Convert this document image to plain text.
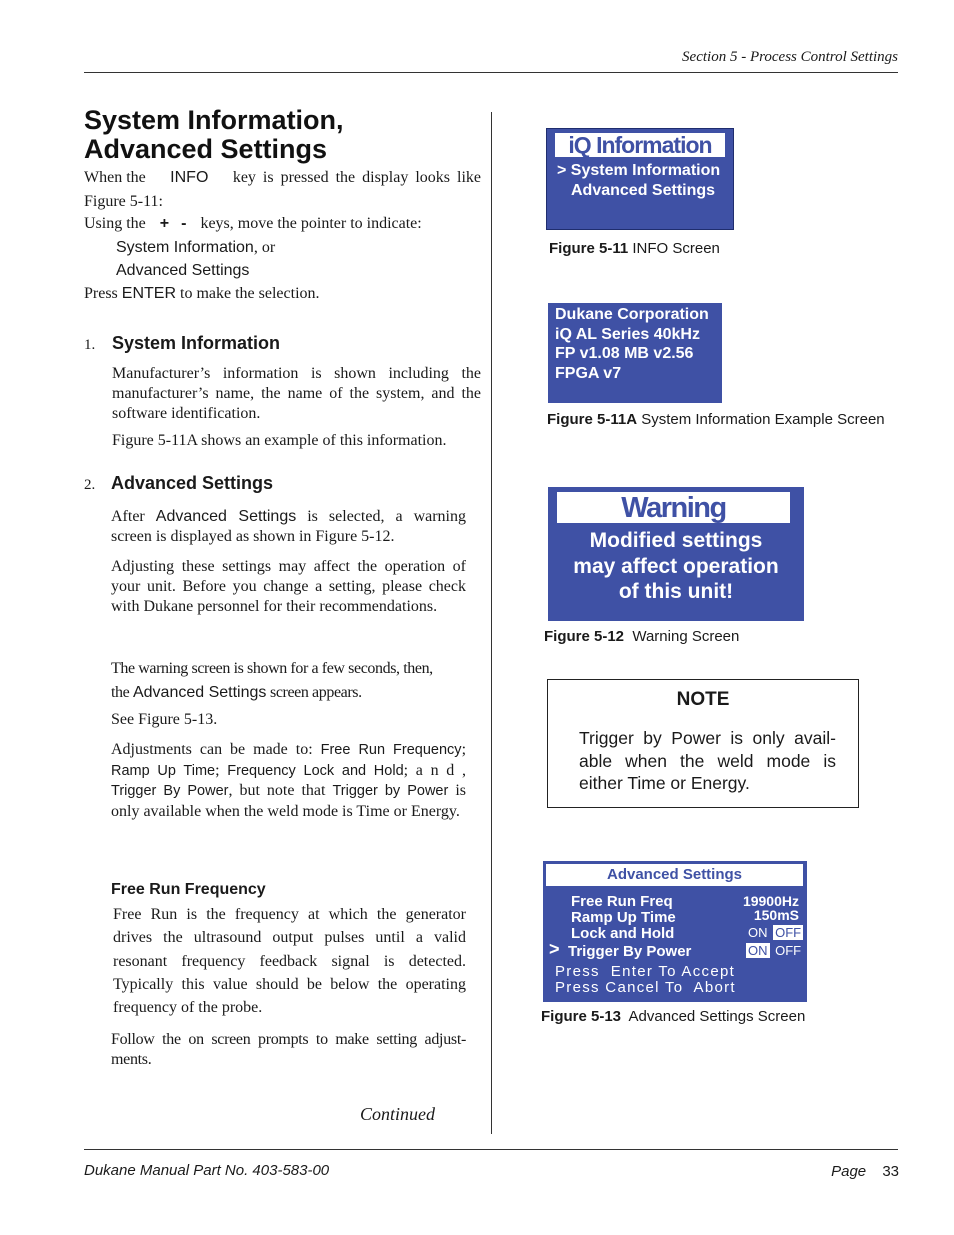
Section 5 - Process Control Settings
System Information,
Advanced Settings
When the INFO key is pressed the display looks like
Figure 5-11:
Using the + - keys, move the pointer to indicate:
System Information, or
Advanced Settings
Press ENTER to make the selection.
1. System Information
Manufacturer’s information is shown including the manufacturer’s name, the name of the system, and the software identification.
Figure 5-11A shows an example of this information.
2. Advanced Settings
After Advanced Settings is selected, a warning screen is displayed as shown in Figure 5-12.
Adjusting these settings may affect the operation of your unit. Before you change a setting, please check with Dukane personnel for their recommendations.
The warning screen is shown for a few seconds, then,
the Advanced Settings screen appears.
See Figure 5-13.
Adjustments can be made to: Free Run Frequency; Ramp Up Time; Frequency Lock and Hold; a n d , Trigger By Power, but note that Trigger by Power is only available when the weld mode is Time or Energy.
Free Run Frequency
Free Run is the frequency at which the generator drives the ultrasound output pulses until a valid resonant frequency feedback signal is detected. Typically this value should be below the operating frequency of the probe.
Follow the on screen prompts to make setting adjust-ments.
Continued
iQ Information
> System Information
Advanced Settings
Figure 5-11 INFO Screen
Dukane Corporation
iQ AL Series 40kHz
FP v1.08 MB v2.56
FPGA v7
Figure 5-11A System Information Example Screen
Warning
Modified settings
may affect operation
of this unit!
Figure 5-12  Warning Screen
NOTE
Trigger by Power is only avail-able when the weld mode is either Time or Energy.
Advanced Settings
Free Run Freq	19900Hz
Ramp Up Time	150mS
Lock and Hold	ON OFF
> Trigger By Power	ON OFF
Press  Enter To Accept
Press Cancel To  Abort
Figure 5-13  Advanced Settings Screen
Dukane Manual Part No. 403-583-00	Page 33
